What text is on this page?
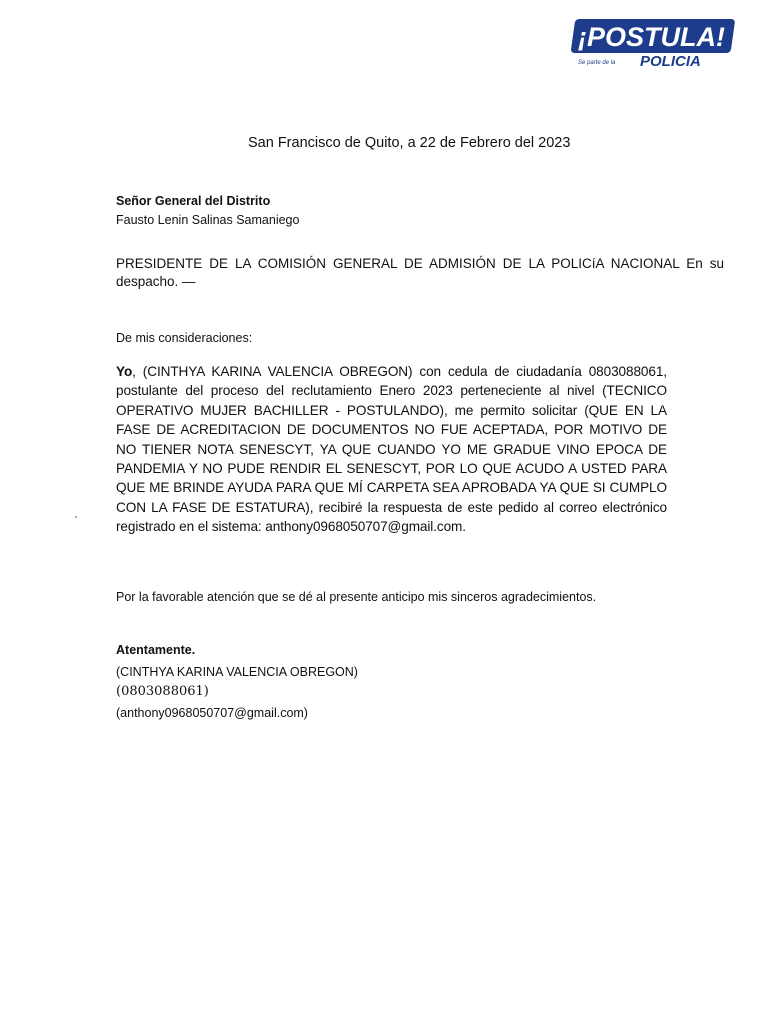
¡POSTULA!
Se parte de la POLICIA
San Francisco de Quito, a 22 de Febrero del 2023
Señor General del Distrito
Fausto Lenin Salinas Samaniego
PRESIDENTE DE LA COMISIÓN GENERAL DE ADMISIÓN DE LA POLICíA NACIONAL En su despacho. —
De mis consideraciones:
Yo, (CINTHYA KARINA VALENCIA OBREGON) con cedula de ciudadanía 0803088061, postulante del proceso del reclutamiento Enero 2023 perteneciente al nivel (TECNICO OPERATIVO MUJER BACHILLER - POSTULANDO), me permito solicitar (QUE EN LA FASE DE ACREDITACION DE DOCUMENTOS NO FUE ACEPTADA, POR MOTIVO DE NO TIENER NOTA SENESCYT, YA QUE CUANDO YO ME GRADUE VINO EPOCA DE PANDEMIA Y NO PUDE RENDIR EL SENESCYT, POR LO QUE ACUDO A USTED PARA QUE ME BRINDE AYUDA PARA QUE MÍ CARPETA SEA APROBADA YA QUE SI CUMPLO CON LA FASE DE ESTATURA), recibiré la respuesta de este pedido al correo electrónico registrado en el sistema: anthony0968050707@gmail.com.
Por la favorable atención que se dé al presente anticipo mis sinceros agradecimientos.
Atentamente.
(CINTHYA KARINA VALENCIA OBREGON)
(0803088061)
(anthony0968050707@gmail.com)
